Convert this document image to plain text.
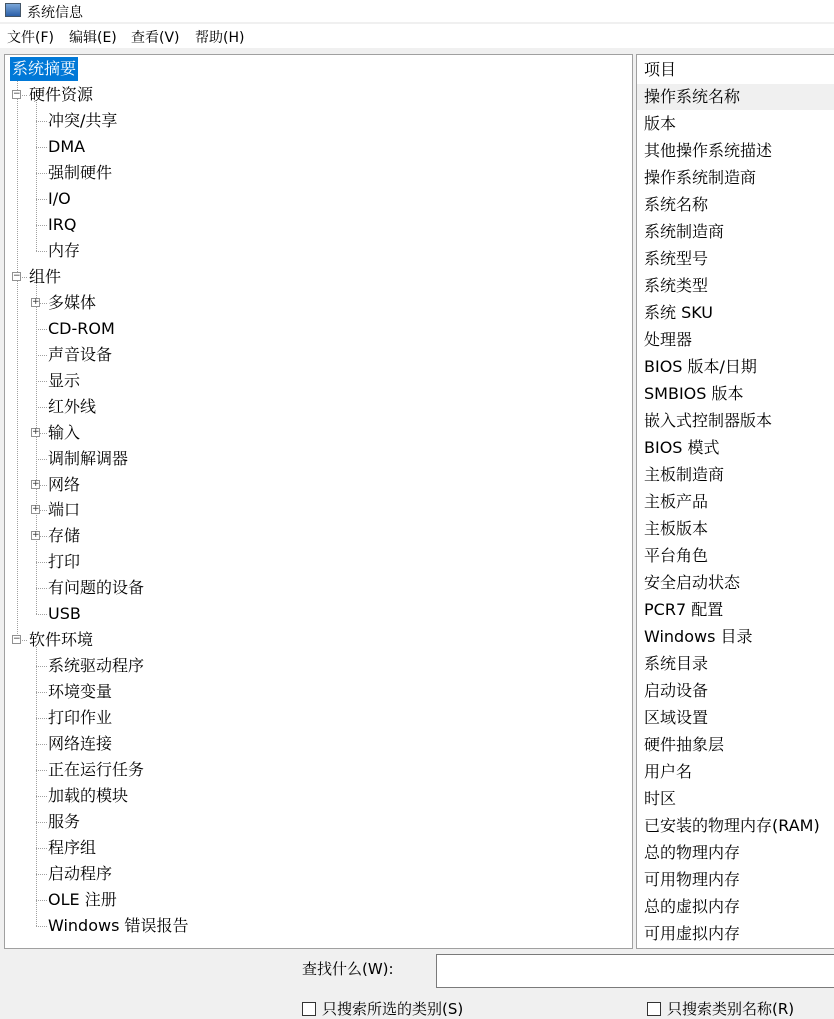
系统信息
文件(F) 编辑(E) 查看(V) 帮助(H)
系统摘要
− 硬件资源
冲突/共享
DMA
强制硬件
I/O
IRQ
内存
− 组件
+ 多媒体
CD-ROM
声音设备
显示
红外线
+ 输入
调制解调器
+ 网络
+ 端口
+ 存储
打印
有问题的设备
USB
− 软件环境
系统驱动程序
环境变量
打印作业
网络连接
正在运行任务
加载的模块
服务
程序组
启动程序
OLE 注册
Windows 错误报告
项目
操作系统名称
版本
其他操作系统描述
操作系统制造商
系统名称
系统制造商
系统型号
系统类型
系统 SKU
处理器
BIOS 版本/日期
SMBIOS 版本
嵌入式控制器版本
BIOS 模式
主板制造商
主板产品
主板版本
平台角色
安全启动状态
PCR7 配置
Windows 目录
系统目录
启动设备
区域设置
硬件抽象层
用户名
时区
已安装的物理内存(RAM)
总的物理内存
可用物理内存
总的虚拟内存
可用虚拟内存
查找什么(W):
只搜索所选的类别(S)	只搜索类别名称(R)
